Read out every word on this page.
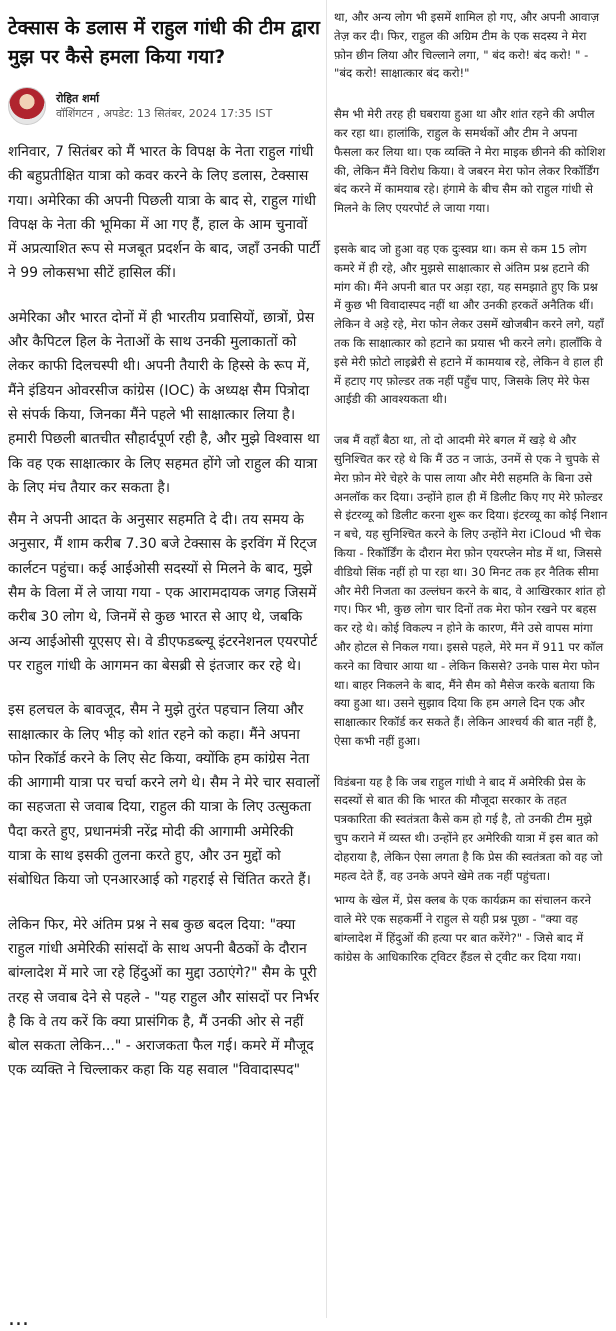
टेक्सास के डलास में राहुल गांधी की टीम द्वारा मुझ पर कैसे हमला किया गया?
रोहित शर्मा
वॉशिंगटन , अपडेट: 13 सितंबर, 2024 17:35 IST

शनिवार, 7 सितंबर को मैं भारत के विपक्ष के नेता राहुल गांधी की बहुप्रतीक्षित यात्रा को कवर करने के लिए डलास, टेक्सास गया। अमेरिका की अपनी पिछली यात्रा के बाद से, राहुल गांधी विपक्ष के नेता की भूमिका में आ गए हैं, हाल के आम चुनावों में अप्रत्याशित रूप से मजबूत प्रदर्शन के बाद, जहाँ उनकी पार्टी ने 99 लोकसभा सीटें हासिल कीं।

अमेरिका और भारत दोनों में ही भारतीय प्रवासियों, छात्रों, प्रेस और कैपिटल हिल के नेताओं के साथ उनकी मुलाकातों को लेकर काफी दिलचस्पी थी। अपनी तैयारी के हिस्से के रूप में, मैंने इंडियन ओवरसीज कांग्रेस (IOC) के अध्यक्ष सैम पित्रोदा से संपर्क किया, जिनका मैंने पहले भी साक्षात्कार लिया है। हमारी पिछली बातचीत सौहार्दपूर्ण रही है, और मुझे विश्वास था कि वह एक साक्षात्कार के लिए सहमत होंगे जो राहुल की यात्रा के लिए मंच तैयार कर सकता है।

सैम ने अपनी आदत के अनुसार सहमति दे दी। तय समय के अनुसार, मैं शाम करीब 7.30 बजे टेक्सास के इरविंग में रिट्ज कार्लटन पहुंचा। कई आईओसी सदस्यों से मिलने के बाद, मुझे सैम के विला में ले जाया गया - एक आरामदायक जगह जिसमें करीब 30 लोग थे, जिनमें से कुछ भारत से आए थे, जबकि अन्य आईओसी यूएसए से। वे डीएफडब्ल्यू इंटरनेशनल एयरपोर्ट पर राहुल गांधी के आगमन का बेसब्री से इंतजार कर रहे थे।

इस हलचल के बावजूद, सैम ने मुझे तुरंत पहचान लिया और साक्षात्कार के लिए भीड़ को शांत रहने को कहा। मैंने अपना फोन रिकॉर्ड करने के लिए सेट किया, क्योंकि हम कांग्रेस नेता की आगामी यात्रा पर चर्चा करने लगे थे। सैम ने मेरे चार सवालों का सहजता से जवाब दिया, राहुल की यात्रा के लिए उत्सुकता पैदा करते हुए, प्रधानमंत्री नरेंद्र मोदी की आगामी अमेरिकी यात्रा के साथ इसकी तुलना करते हुए, और उन मुद्दों को संबोधित किया जो एनआरआई को गहराई से चिंतित करते हैं।

लेकिन फिर, मेरे अंतिम प्रश्न ने सब कुछ बदल दिया: "क्या राहुल गांधी अमेरिकी सांसदों के साथ अपनी बैठकों के दौरान बांग्लादेश में मारे जा रहे हिंदुओं का मुद्दा उठाएंगे?" सैम के पूरी तरह से जवाब देने से पहले - "यह राहुल और सांसदों पर निर्भर है कि वे तय करें कि क्या प्रासंगिक है, मैं उनकी ओर से नहीं बोल सकता लेकिन..." - अराजकता फैल गई। कमरे में मौजूद एक व्यक्ति ने चिल्लाकर कहा कि यह सवाल "विवादास्पद"

था, और अन्य लोग भी इसमें शामिल हो गए, और अपनी आवाज़ तेज़ कर दी। फिर, राहुल की अग्रिम टीम के एक सदस्य ने मेरा फ़ोन छीन लिया और चिल्लाने लगा, " बंद करो! बंद करो! " - "बंद करो! साक्षात्कार बंद करो!"

सैम भी मेरी तरह ही घबराया हुआ था और शांत रहने की अपील कर रहा था। हालांकि, राहुल के समर्थकों और टीम ने अपना फैसला कर लिया था। एक व्यक्ति ने मेरा माइक छीनने की कोशिश की, लेकिन मैंने विरोध किया। वे जबरन मेरा फोन लेकर रिकॉर्डिंग बंद करने में कामयाब रहे। हंगामे के बीच सैम को राहुल गांधी से मिलने के लिए एयरपोर्ट ले जाया गया।

इसके बाद जो हुआ वह एक दुःस्वप्न था। कम से कम 15 लोग कमरे में ही रहे, और मुझसे साक्षात्कार से अंतिम प्रश्न हटाने की मांग की। मैंने अपनी बात पर अड़ा रहा, यह समझाते हुए कि प्रश्न में कुछ भी विवादास्पद नहीं था और उनकी हरकतें अनैतिक थीं। लेकिन वे अड़े रहे, मेरा फोन लेकर उसमें खोजबीन करने लगे, यहाँ तक कि साक्षात्कार को हटाने का प्रयास भी करने लगे। हालाँकि वे इसे मेरी फ़ोटो लाइब्रेरी से हटाने में कामयाब रहे, लेकिन वे हाल ही में हटाए गए फ़ोल्डर तक नहीं पहुँच पाए, जिसके लिए मेरे फेस आईडी की आवश्यकता थी।

जब मैं वहाँ बैठा था, तो दो आदमी मेरे बगल में खड़े थे और सुनिश्चित कर रहे थे कि मैं उठ न जाऊं, उनमें से एक ने चुपके से मेरा फ़ोन मेरे चेहरे के पास लाया और मेरी सहमति के बिना उसे अनलॉक कर दिया। उन्होंने हाल ही में डिलीट किए गए मेरे फ़ोल्डर से इंटरव्यू को डिलीट करना शुरू कर दिया। इंटरव्यू का कोई निशान न बचे, यह सुनिश्चित करने के लिए उन्होंने मेरा iCloud भी चेक किया - रिकॉर्डिंग के दौरान मेरा फ़ोन एयरप्लेन मोड में था, जिससे वीडियो सिंक नहीं हो पा रहा था। 30 मिनट तक हर नैतिक सीमा और मेरी निजता का उल्लंघन करने के बाद, वे आखिरकार शांत हो गए। फिर भी, कुछ लोग चार दिनों तक मेरा फोन रखने पर बहस कर रहे थे। कोई विकल्प न होने के कारण, मैंने उसे वापस मांगा और होटल से निकल गया। इससे पहले, मेरे मन में 911 पर कॉल करने का विचार आया था - लेकिन किससे? उनके पास मेरा फोन था। बाहर निकलने के बाद, मैंने सैम को मैसेज करके बताया कि क्या हुआ था। उसने सुझाव दिया कि हम अगले दिन एक और साक्षात्कार रिकॉर्ड कर सकते हैं। लेकिन आश्चर्य की बात नहीं है, ऐसा कभी नहीं हुआ।

विडंबना यह है कि जब राहुल गांधी ने बाद में अमेरिकी प्रेस के सदस्यों से बात की कि भारत की मौजूदा सरकार के तहत पत्रकारिता की स्वतंत्रता कैसे कम हो गई है, तो उनकी टीम मुझे चुप कराने में व्यस्त थी। उन्होंने हर अमेरिकी यात्रा में इस बात को दोहराया है, लेकिन ऐसा लगता है कि प्रेस की स्वतंत्रता को वह जो महत्व देते हैं, वह उनके अपने खेमे तक नहीं पहुंचता।

भाग्य के खेल में, प्रेस क्लब के एक कार्यक्रम का संचालन करने वाले मेरे एक सहकर्मी ने राहुल से यही प्रश्न पूछा - "क्या वह बांग्लादेश में हिंदुओं की हत्या पर बात करेंगे?" - जिसे बाद में कांग्रेस के आधिकारिक ट्विटर हैंडल से ट्वीट कर दिया गया।

...
